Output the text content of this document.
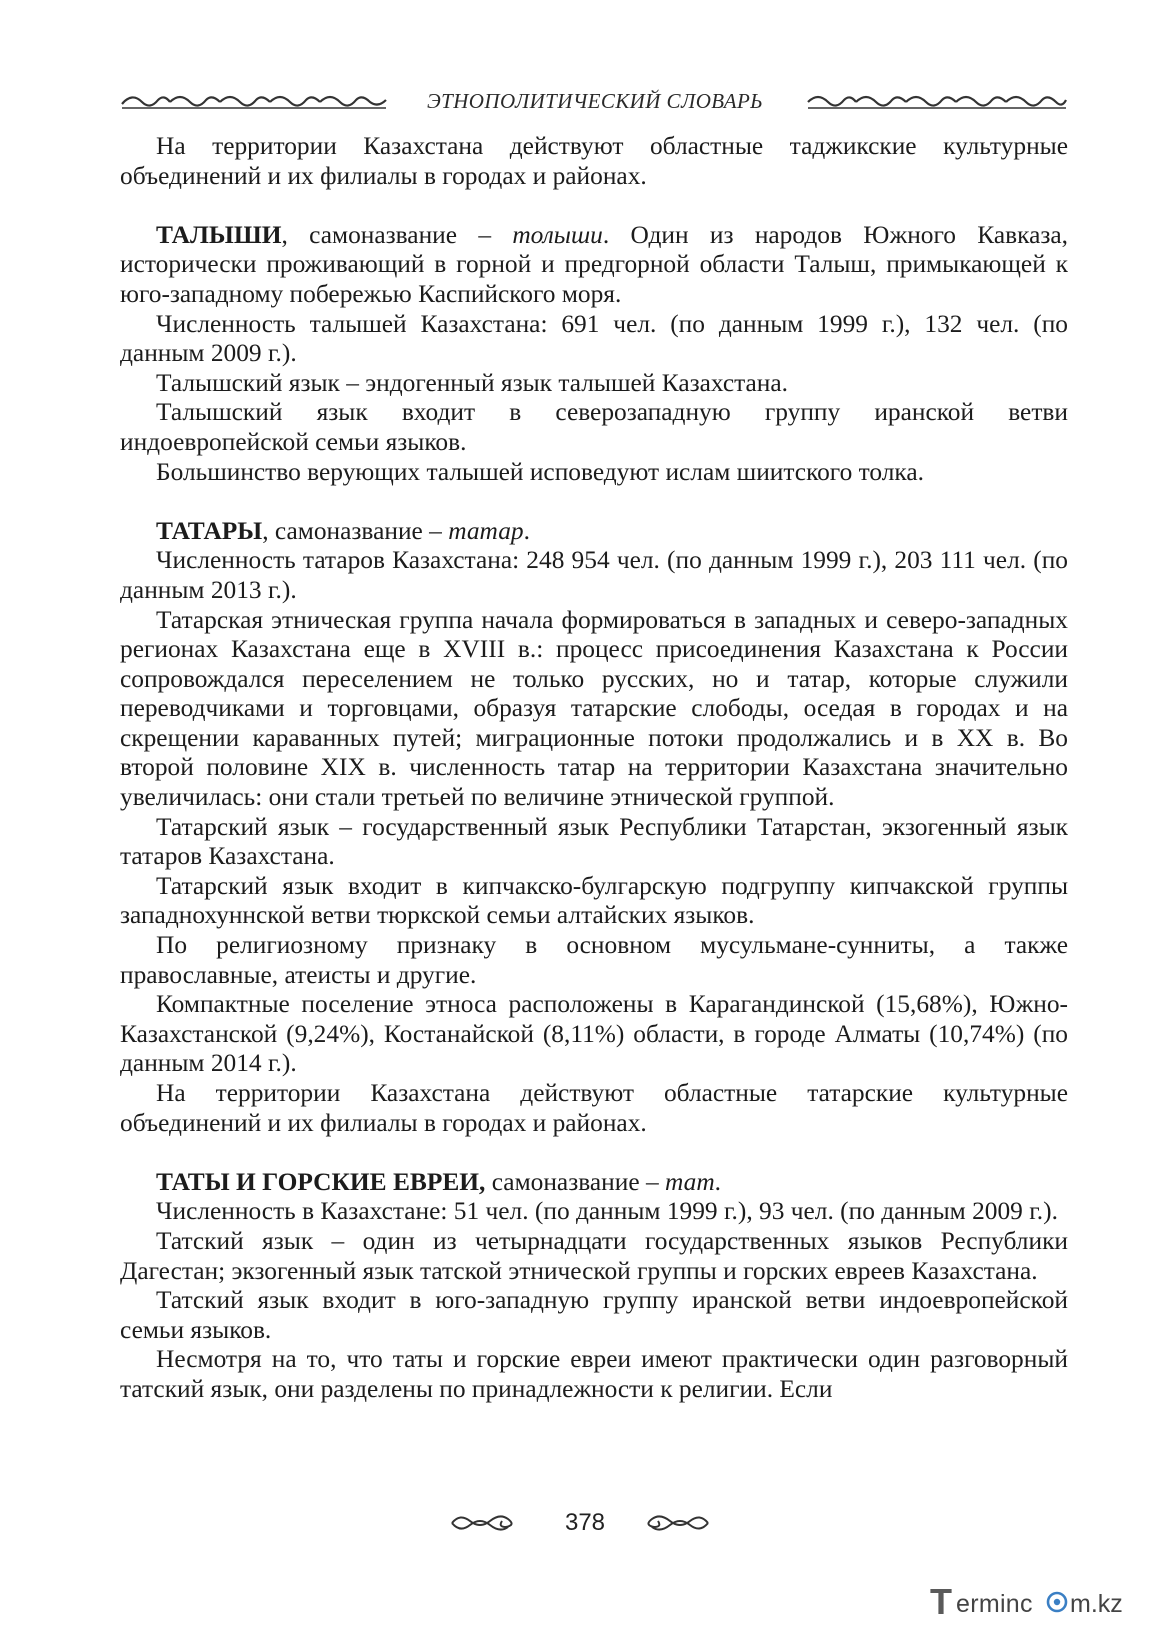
ЭТНОПОЛИТИЧЕСКИЙ СЛОВАРЬ

На территории Казахстана действуют областные таджикские культурные объединений и их филиалы в городах и районах.

ТАЛЫШИ, самоназвание – толыши. Один из народов Южного Кавказа, исторически проживающий в горной и предгорной области Талыш, примыкающей к юго-западному побережью Каспийского моря.

Численность талышей Казахстана: 691 чел. (по данным 1999 г.), 132 чел. (по данным 2009 г.).

Талышский язык – эндогенный язык талышей Казахстана.

Талышский язык входит в северозападную группу иранской ветви индоевропейской семьи языков.

Большинство верующих талышей исповедуют ислам шиитского толка.

ТАТАРЫ, самоназвание – татар.

Численность татаров Казахстана: 248 954 чел. (по данным 1999 г.), 203 111 чел. (по данным 2013 г.).

Татарская этническая группа начала формироваться в западных и северо-западных регионах Казахстана еще в XVIII в.: процесс присоединения Казахстана к России сопровождался переселением не только русских, но и татар, которые служили переводчиками и торговцами, образуя татарские слободы, оседая в городах и на скрещении караванных путей; миграционные потоки продолжались и в XX в. Во второй половине XIX в. численность татар на территории Казахстана значительно увеличилась: они стали третьей по величине этнической группой.

Татарский язык – государственный язык Республики Татарстан, экзогенный язык татаров Казахстана.

Татарский язык входит в кипчакско-булгарскую подгруппу кипчакской группы западнохуннской ветви тюркской семьи алтайских языков.

По религиозному признаку в основном мусульмане-сунниты, а также православные, атеисты и другие.

Компактные поселение этноса расположены в Карагандинской (15,68%), Южно-Казахстанской (9,24%), Костанайской (8,11%) области, в городе Алматы (10,74%) (по данным 2014 г.).

На территории Казахстана действуют областные татарские культурные объединений и их филиалы в городах и районах.

ТАТЫ И ГОРСКИЕ ЕВРЕИ, самоназвание – тат.

Численность в Казахстане: 51 чел. (по данным 1999 г.), 93 чел. (по данным 2009 г.).

Татский язык – один из четырнадцати государственных языков Республики Дагестан; экзогенный язык татской этнической группы и горских евреев Казахстана.

Татский язык входит в юго-западную группу иранской ветви индоевропейской семьи языков.

Несмотря на то, что таты и горские евреи имеют практически один разговорный татский язык, они разделены по принадлежности к религии. Если

378
T erminc m.kz
